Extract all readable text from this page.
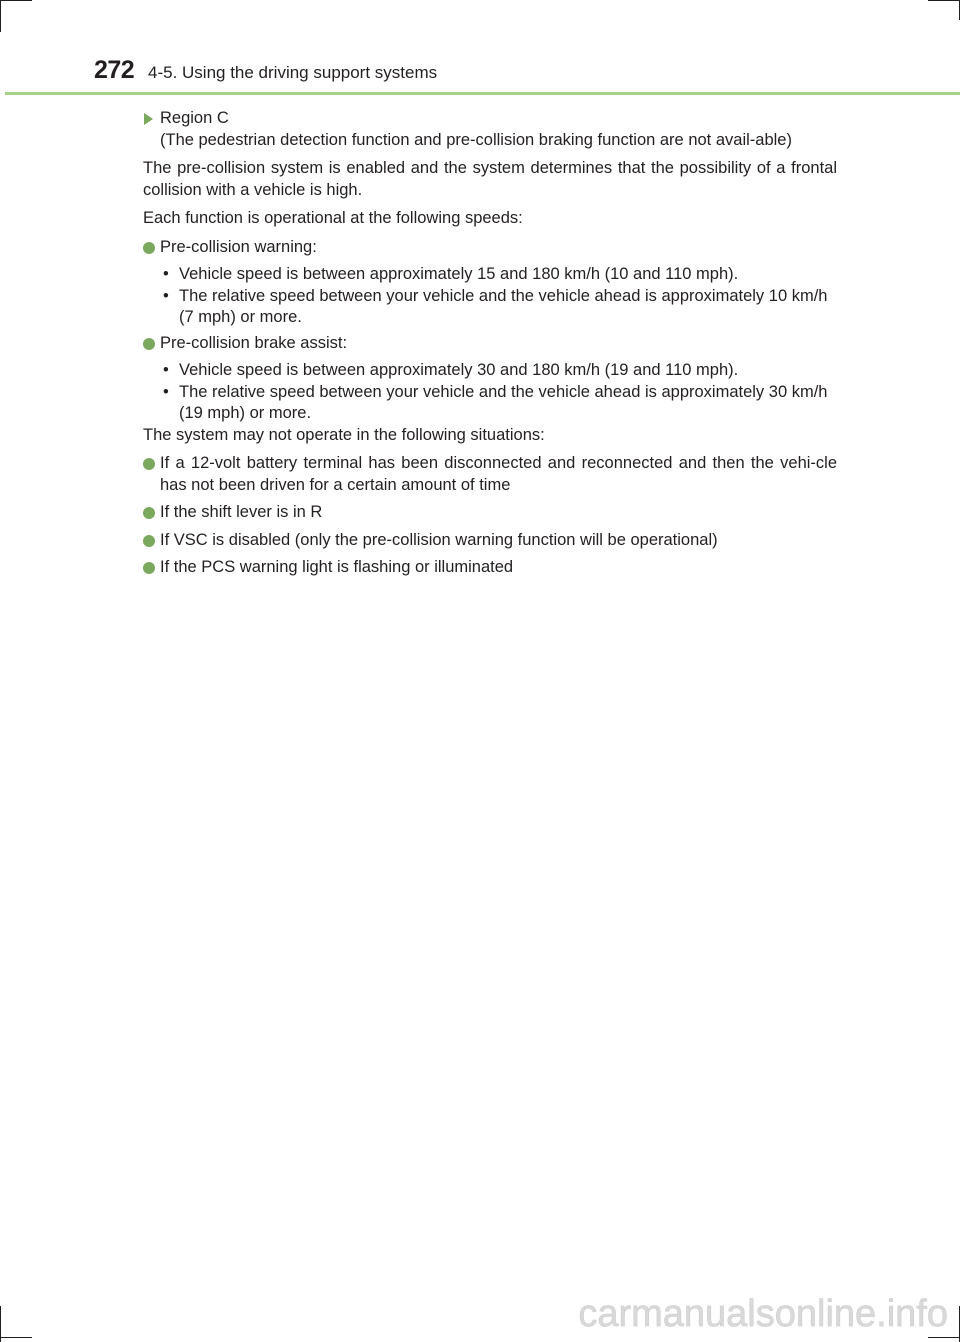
272 4-5. Using the driving support systems
Region C
(The pedestrian detection function and pre-collision braking function are not avail-able)

The pre-collision system is enabled and the system determines that the possibility of a frontal collision with a vehicle is high.

Each function is operational at the following speeds:

Pre-collision warning:
• Vehicle speed is between approximately 15 and 180 km/h (10 and 110 mph).
• The relative speed between your vehicle and the vehicle ahead is approximately 10 km/h (7 mph) or more.
Pre-collision brake assist:
• Vehicle speed is between approximately 30 and 180 km/h (19 and 110 mph).
• The relative speed between your vehicle and the vehicle ahead is approximately 30 km/h (19 mph) or more.

The system may not operate in the following situations:

If a 12-volt battery terminal has been disconnected and reconnected and then the vehi-cle has not been driven for a certain amount of time
If the shift lever is in R
If VSC is disabled (only the pre-collision warning function will be operational)
If the PCS warning light is flashing or illuminated
carmanualsonline.info
